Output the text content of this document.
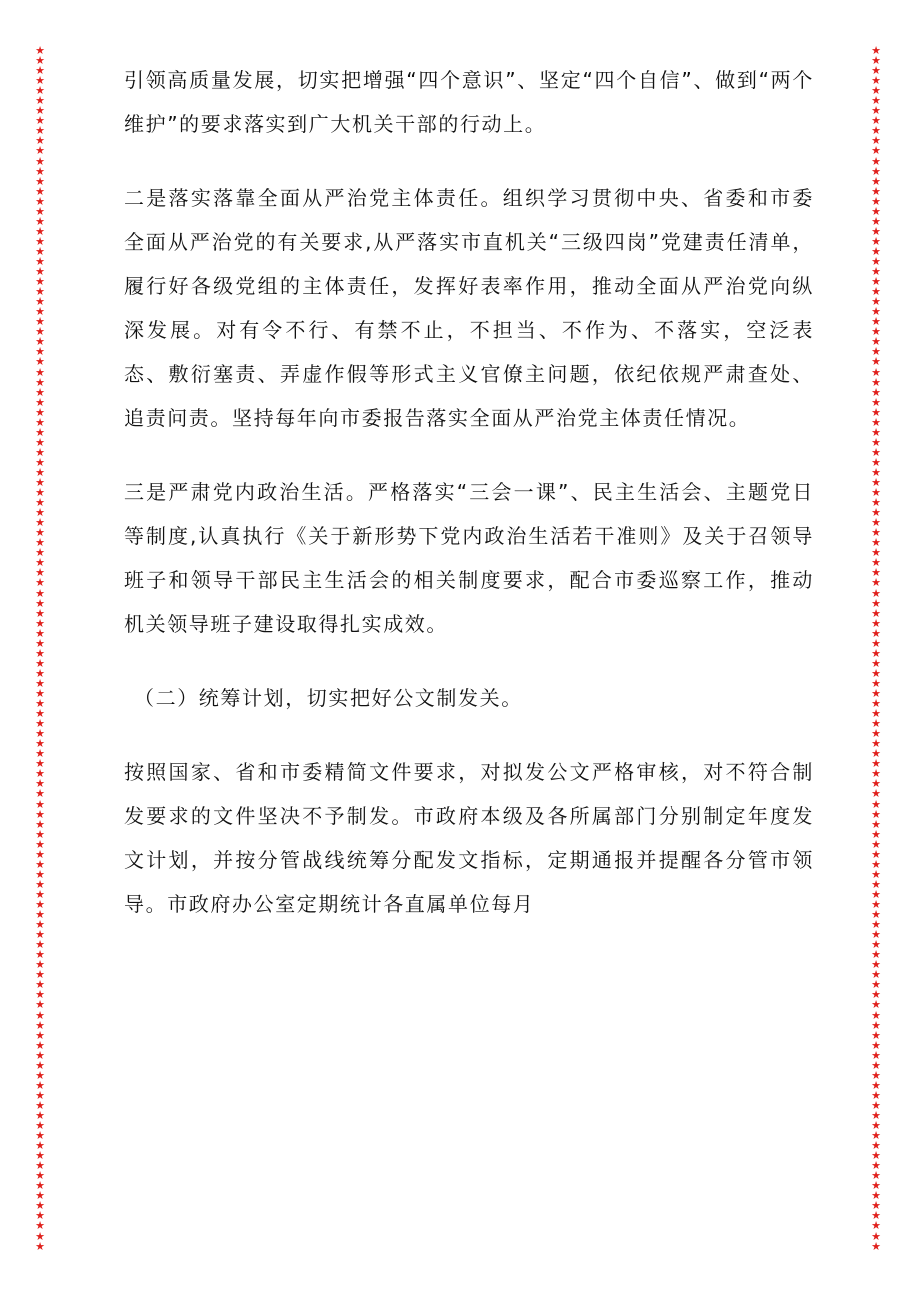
★
★
★
★
★
★
★
★
★
★
★
★
★
★
★
★
★
★
★
★
★
★
★
★
★
★
★
★
★
★
★
★
★
★
★
★
★
★
★
★
★
★
★
★
★
★
★
★
★
★
★
★
★
★
★
★
★
★
★
★
★
★
★
★
★
★
★
★
★
★
★
★
★
★
★
★
★
★
★
★
★
★
★
★
★
★
★
★
★
★
★
★
★
★
★
★
★
★
★
★
★
★
★
★
★
★
★
★
★
★
★
★
★
★
★
★
★
★
★
★
★
★
★
★
★
★
★
★
★
★
★
★
★
★
★
★
★
★
★
★
★
★
★
★
★
★
★
★
★
★
★
★
★
★
★
★
★
★
★
★
★
★
★
★
★
★
★
★
★
★
★
★
★
★
★
★
★
★
★
★
★
★
★
★
★
★
★
★
★
★
★
★
★
★
★
★
★
★
★
★
★
★
★
★
★
★
★
★
★
★
★
★
★
★
★
★
★
★
★
★
★
★
★
★
★
★
★
★
★
★
★
★
★
★
★
★
★
★
★
★

引领高质量发展，切实把增强“四个意识”、坚定“四个自信”、做到“两个维护”的要求落实到广大机关干部的行动上。

二是落实落靠全面从严治党主体责任。组织学习贯彻中央、省委和市委全面从严治党的有关要求,从严落实市直机关“三级四岗”党建责任清单，履行好各级党组的主体责任，发挥好表率作用，推动全面从严治党向纵深发展。对有令不行、有禁不止，不担当、不作为、不落实，空泛表态、敷衍塞责、弄虚作假等形式主义官僚主问题，依纪依规严肃查处、追责问责。坚持每年向市委报告落实全面从严治党主体责任情况。

三是严肃党内政治生活。严格落实“三会一课”、民主生活会、主题党日等制度,认真执行《关于新形势下党内政治生活若干准则》及关于召领导班子和领导干部民主生活会的相关制度要求，配合市委巡察工作，推动机关领导班子建设取得扎实成效。

（二）统筹计划，切实把好公文制发关。

按照国家、省和市委精简文件要求，对拟发公文严格审核，对不符合制发要求的文件坚决不予制发。市政府本级及各所属部门分别制定年度发文计划，并按分管战线统筹分配发文指标，定期通报并提醒各分管市领导。市政府办公室定期统计各直属单位每月
